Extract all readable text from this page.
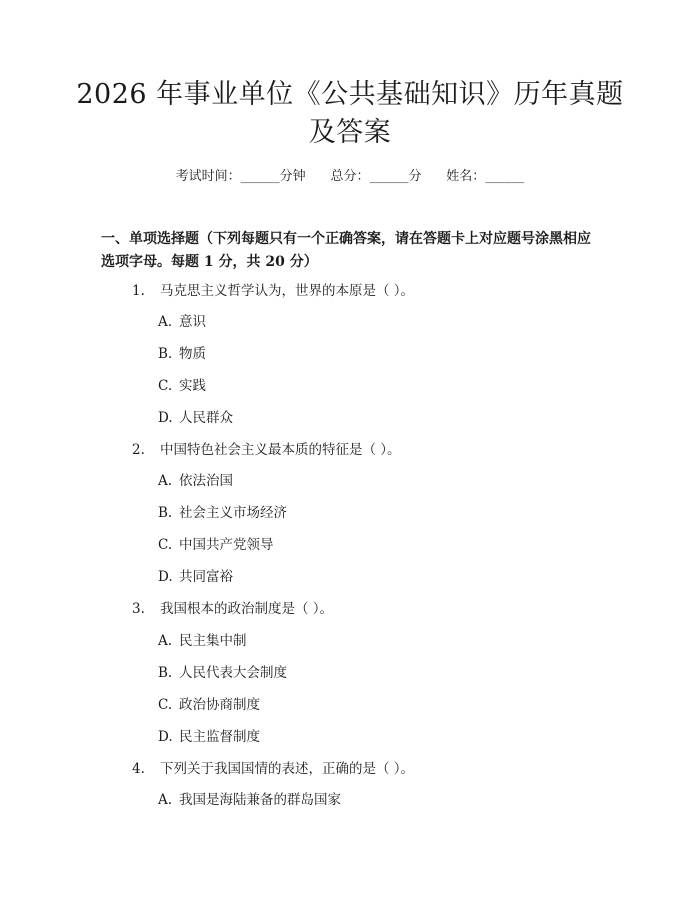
2026 年事业单位《公共基础知识》历年真题
及答案
考试时间：______分钟 总分：______分 姓名：______
一、单项选择题（下列每题只有一个正确答案，请在答题卡上对应题号涂黑相应
选项字母。每题 1 分，共 20 分）
1. 马克思主义哲学认为，世界的本原是（ ）。
A. 意识
B. 物质
C. 实践
D. 人民群众
2. 中国特色社会主义最本质的特征是（ ）。
A. 依法治国
B. 社会主义市场经济
C. 中国共产党领导
D. 共同富裕
3. 我国根本的政治制度是（ ）。
A. 民主集中制
B. 人民代表大会制度
C. 政治协商制度
D. 民主监督制度
4. 下列关于我国国情的表述，正确的是（ ）。
A. 我国是海陆兼备的群岛国家
